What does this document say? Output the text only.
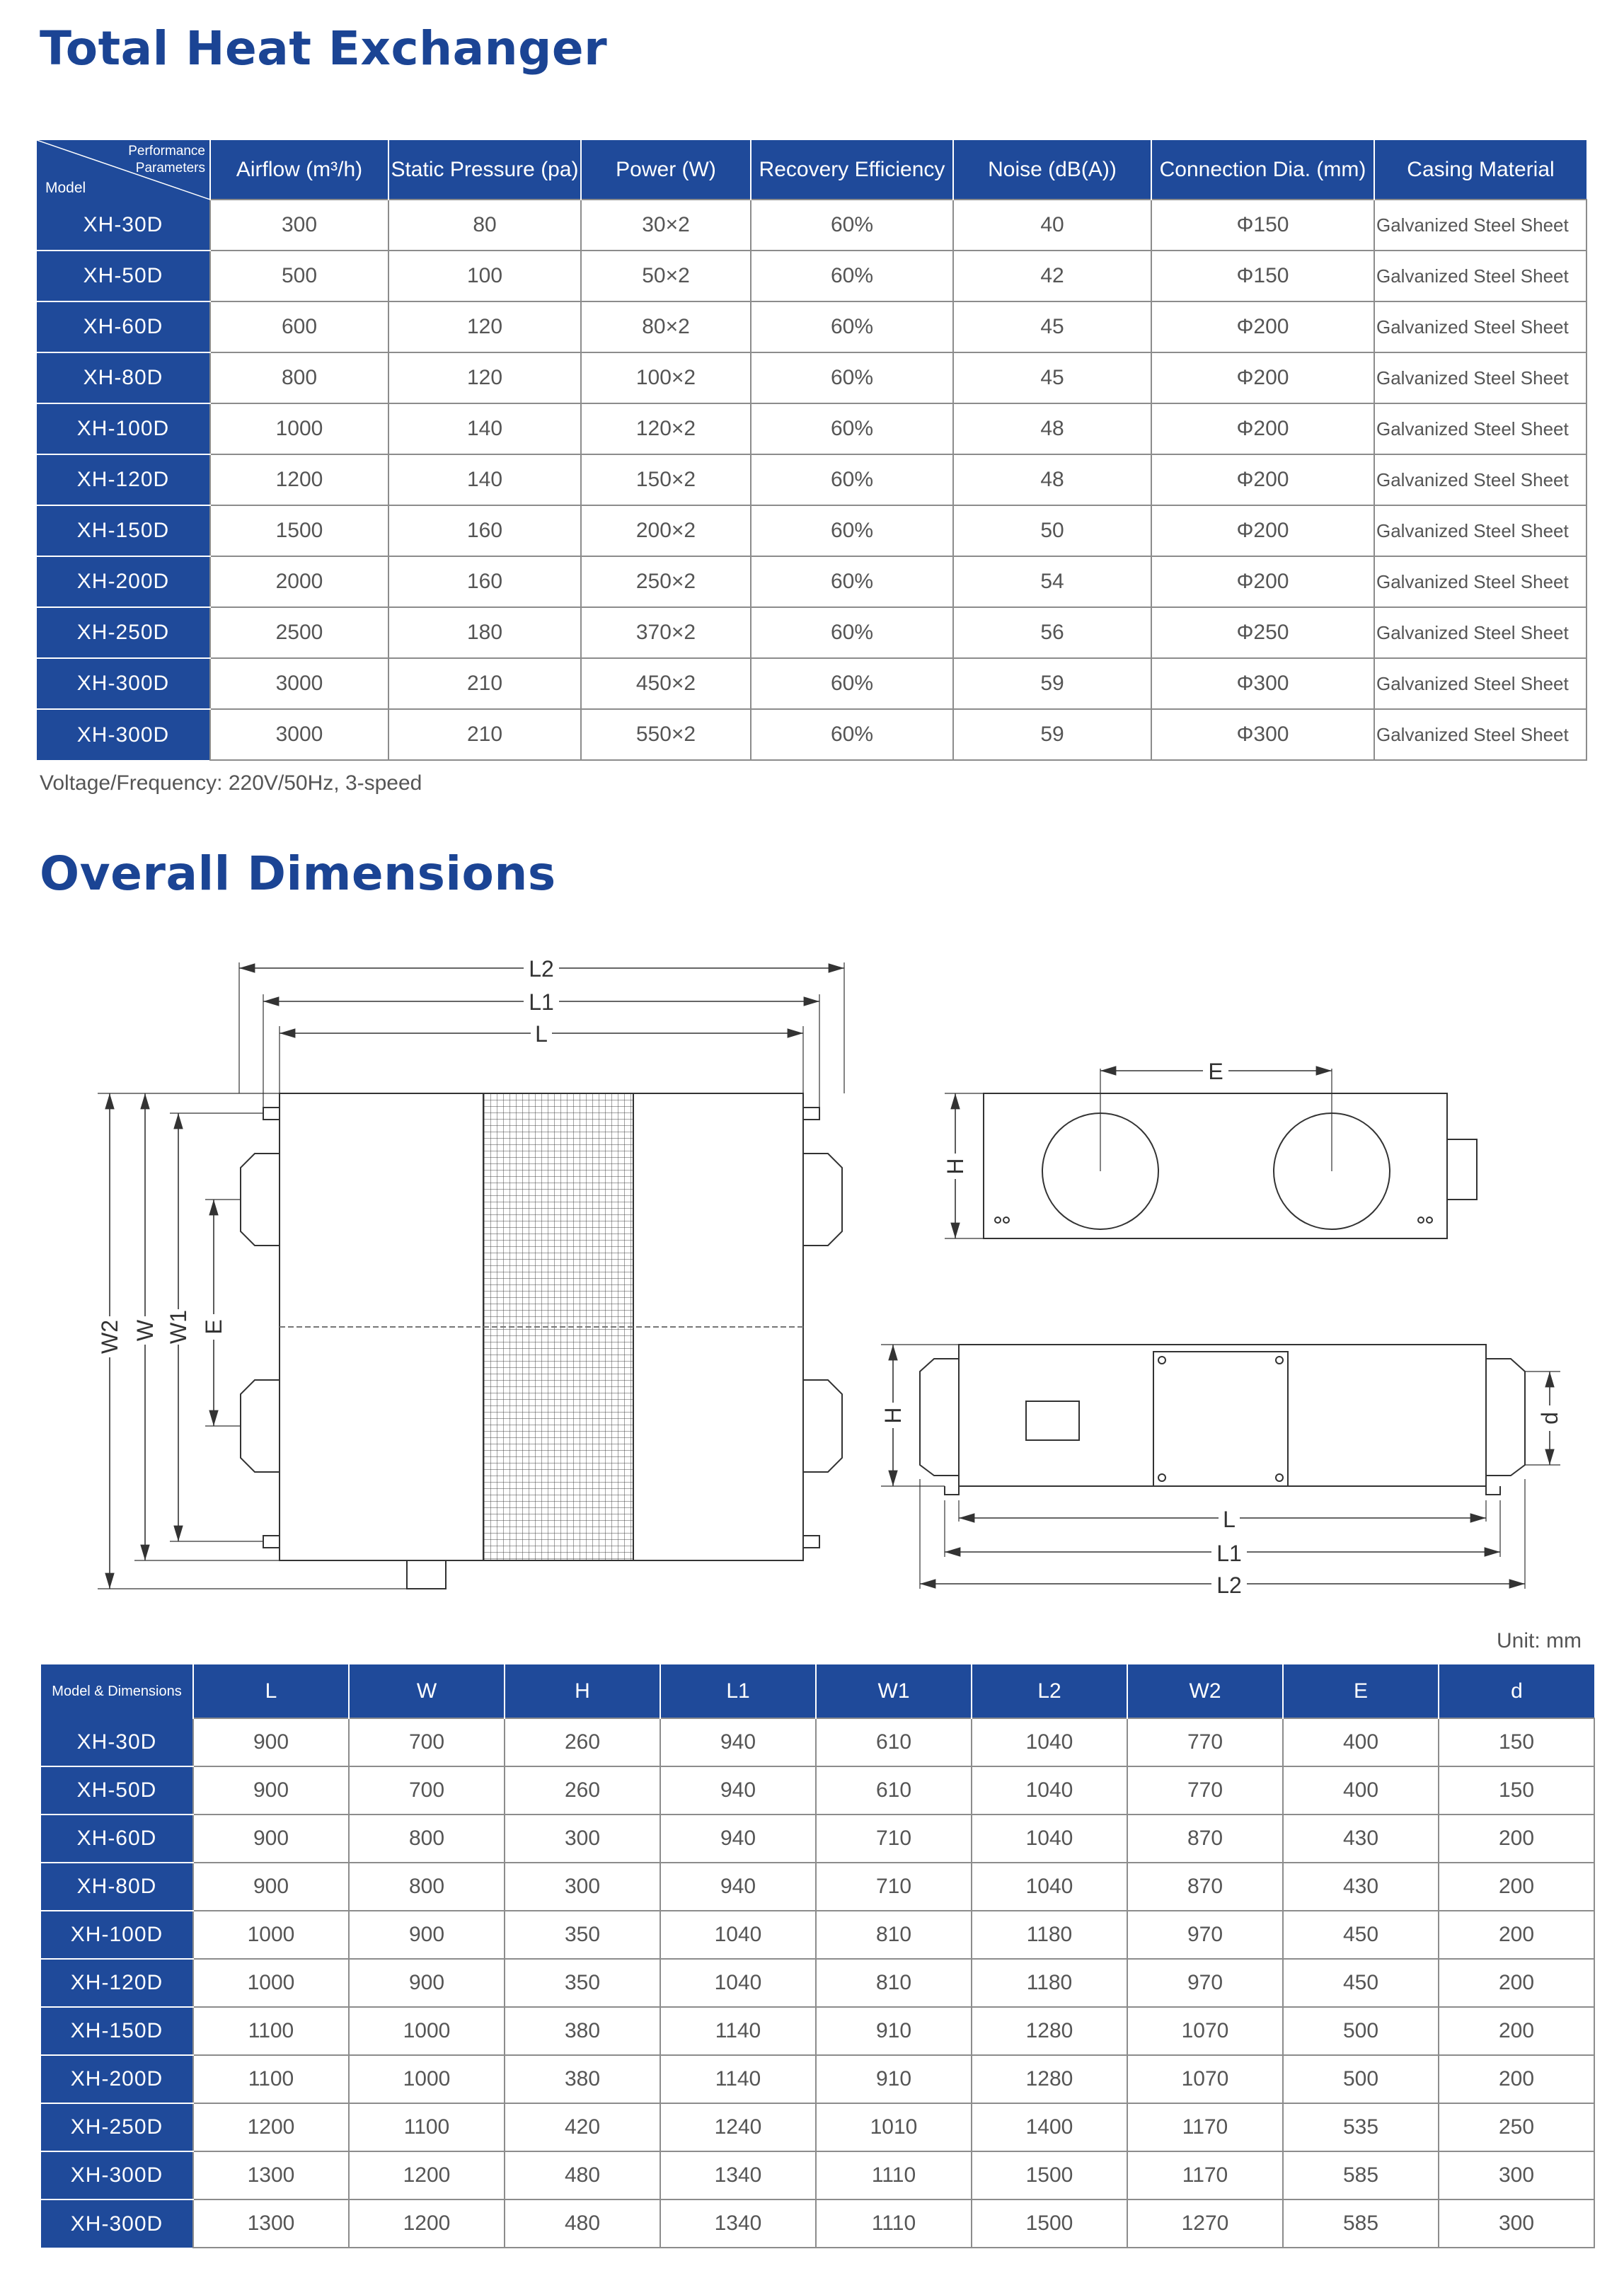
Total Heat Exchanger
Performance Parameters
Model	Airflow (m³/h)	Static Pressure (pa)	Power (W)	Recovery Efficiency	Noise (dB(A))	Connection Dia. (mm)	Casing Material
XH-30D	300	80	30×2	60%	40	Φ150	Galvanized Steel Sheet
XH-50D	500	100	50×2	60%	42	Φ150	Galvanized Steel Sheet
XH-60D	600	120	80×2	60%	45	Φ200	Galvanized Steel Sheet
XH-80D	800	120	100×2	60%	45	Φ200	Galvanized Steel Sheet
XH-100D	1000	140	120×2	60%	48	Φ200	Galvanized Steel Sheet
XH-120D	1200	140	150×2	60%	48	Φ200	Galvanized Steel Sheet
XH-150D	1500	160	200×2	60%	50	Φ200	Galvanized Steel Sheet
XH-200D	2000	160	250×2	60%	54	Φ200	Galvanized Steel Sheet
XH-250D	2500	180	370×2	60%	56	Φ250	Galvanized Steel Sheet
XH-300D	3000	210	450×2	60%	59	Φ300	Galvanized Steel Sheet
XH-300D	3000	210	550×2	60%	59	Φ300	Galvanized Steel Sheet

Voltage/Frequency: 220V/50Hz, 3-speed

Overall Dimensions
L2
L1
L
W2 W W1 E
E
H
L
L1
L2
H	d

Unit: mm

Model & Dimensions	L	W	H	L1	W1	L2	W2	E	d
XH-30D	900	700	260	940	610	1040	770	400	150
XH-50D	900	700	260	940	610	1040	770	400	150
XH-60D	900	800	300	940	710	1040	870	430	200
XH-80D	900	800	300	940	710	1040	870	430	200
XH-100D	1000	900	350	1040	810	1180	970	450	200
XH-120D	1000	900	350	1040	810	1180	970	450	200
XH-150D	1100	1000	380	1140	910	1280	1070	500	200
XH-200D	1100	1000	380	1140	910	1280	1070	500	200
XH-250D	1200	1100	420	1240	1010	1400	1170	535	250
XH-300D	1300	1200	480	1340	1110	1500	1170	585	300
XH-300D	1300	1200	480	1340	1110	1500	1270	585	300
